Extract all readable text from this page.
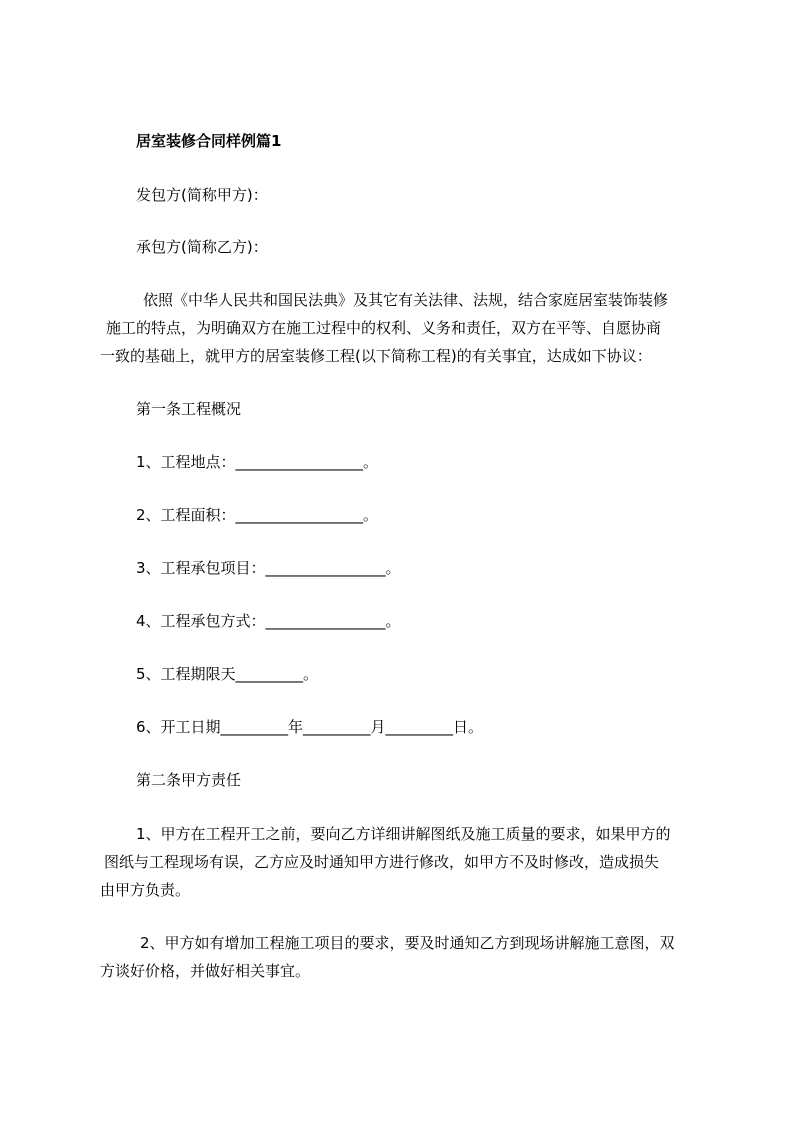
居室装修合同样例篇1
发包方(简称甲方)：
承包方(简称乙方)：
依照《中华人民共和国民法典》及其它有关法律、法规，结合家庭居室装饰装修
施工的特点，为明确双方在施工过程中的权利、义务和责任，双方在平等、自愿协商
一致的基础上，就甲方的居室装修工程(以下简称工程)的有关事宜，达成如下协议：
第一条工程概况
1、工程地点：_________________。
2、工程面积：_________________。
3、工程承包项目：________________。
4、工程承包方式：________________。
5、工程期限天_________。
6、开工日期_________年_________月_________日。
第二条甲方责任
1、甲方在工程开工之前，要向乙方详细讲解图纸及施工质量的要求，如果甲方的
图纸与工程现场有误，乙方应及时通知甲方进行修改，如甲方不及时修改，造成损失
由甲方负责。
2、甲方如有增加工程施工项目的要求，要及时通知乙方到现场讲解施工意图，双
方谈好价格，并做好相关事宜。
